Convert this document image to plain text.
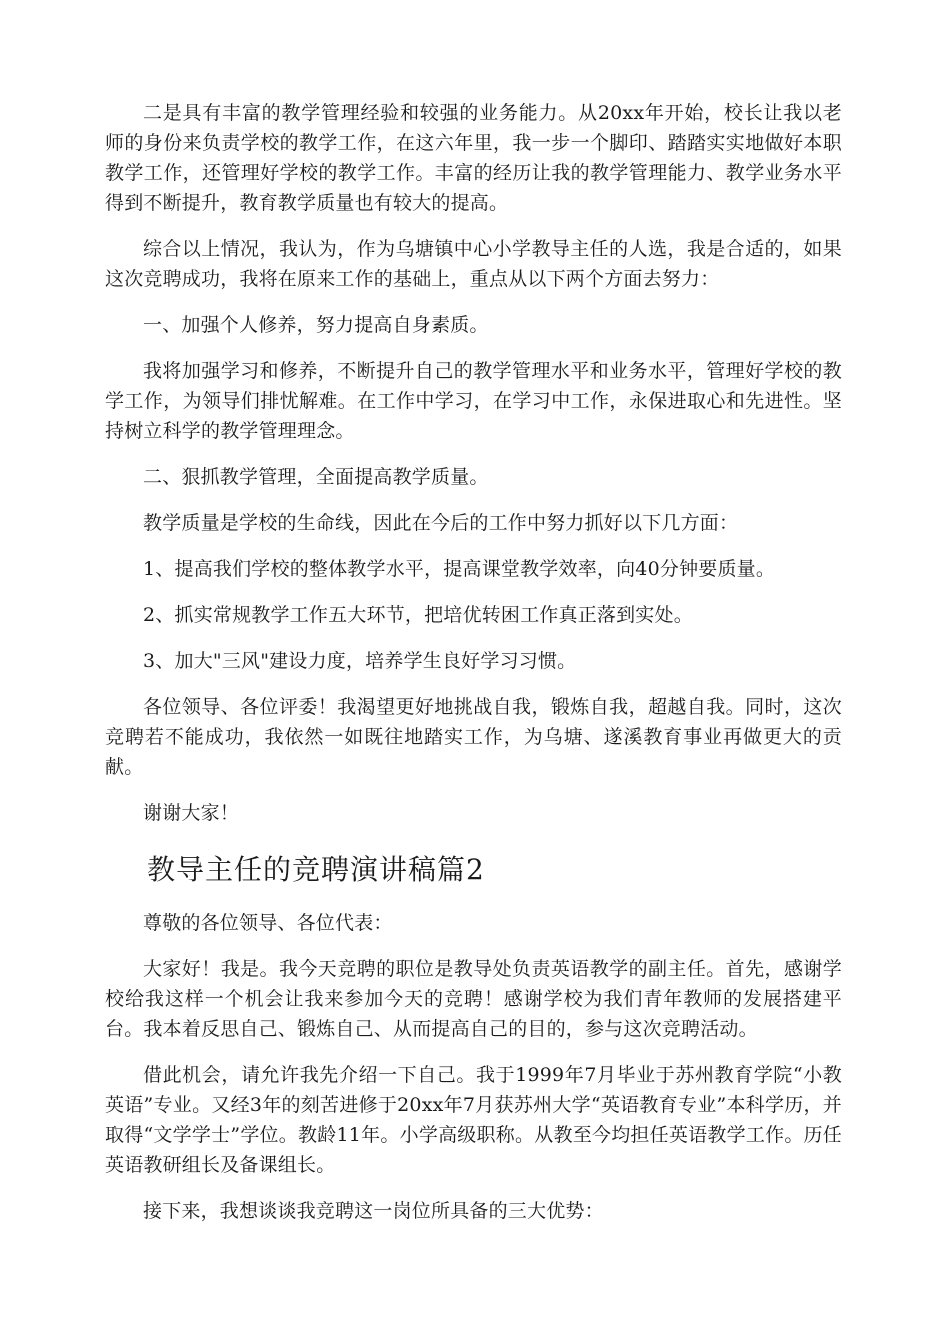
二是具有丰富的教学管理经验和较强的业务能力。从20xx年开始，校长让我以老师的身份来负责学校的教学工作，在这六年里，我一步一个脚印、踏踏实实地做好本职教学工作，还管理好学校的教学工作。丰富的经历让我的教学管理能力、教学业务水平得到不断提升，教育教学质量也有较大的提高。

综合以上情况，我认为，作为乌塘镇中心小学教导主任的人选，我是合适的，如果这次竞聘成功，我将在原来工作的基础上，重点从以下两个方面去努力：

一、加强个人修养，努力提高自身素质。

我将加强学习和修养，不断提升自己的教学管理水平和业务水平，管理好学校的教学工作，为领导们排忧解难。在工作中学习，在学习中工作，永保进取心和先进性。坚持树立科学的教学管理理念。

二、狠抓教学管理，全面提高教学质量。

教学质量是学校的生命线，因此在今后的工作中努力抓好以下几方面：

1、提高我们学校的整体教学水平，提高课堂教学效率，向40分钟要质量。

2、抓实常规教学工作五大环节，把培优转困工作真正落到实处。

3、加大"三风"建设力度，培养学生良好学习习惯。

各位领导、各位评委！我渴望更好地挑战自我，锻炼自我，超越自我。同时，这次竞聘若不能成功，我依然一如既往地踏实工作，为乌塘、遂溪教育事业再做更大的贡献。

谢谢大家！

教导主任的竞聘演讲稿篇2

尊敬的各位领导、各位代表：

大家好！我是。我今天竞聘的职位是教导处负责英语教学的副主任。首先，感谢学校给我这样一个机会让我来参加今天的竞聘！感谢学校为我们青年教师的发展搭建平台。我本着反思自己、锻炼自己、从而提高自己的目的，参与这次竞聘活动。

借此机会，请允许我先介绍一下自己。我于1999年7月毕业于苏州教育学院“小教英语”专业。又经3年的刻苦进修于20xx年7月获苏州大学“英语教育专业”本科学历，并取得“文学学士”学位。教龄11年。小学高级职称。从教至今均担任英语教学工作。历任英语教研组长及备课组长。

接下来，我想谈谈我竞聘这一岗位所具备的三大优势：
